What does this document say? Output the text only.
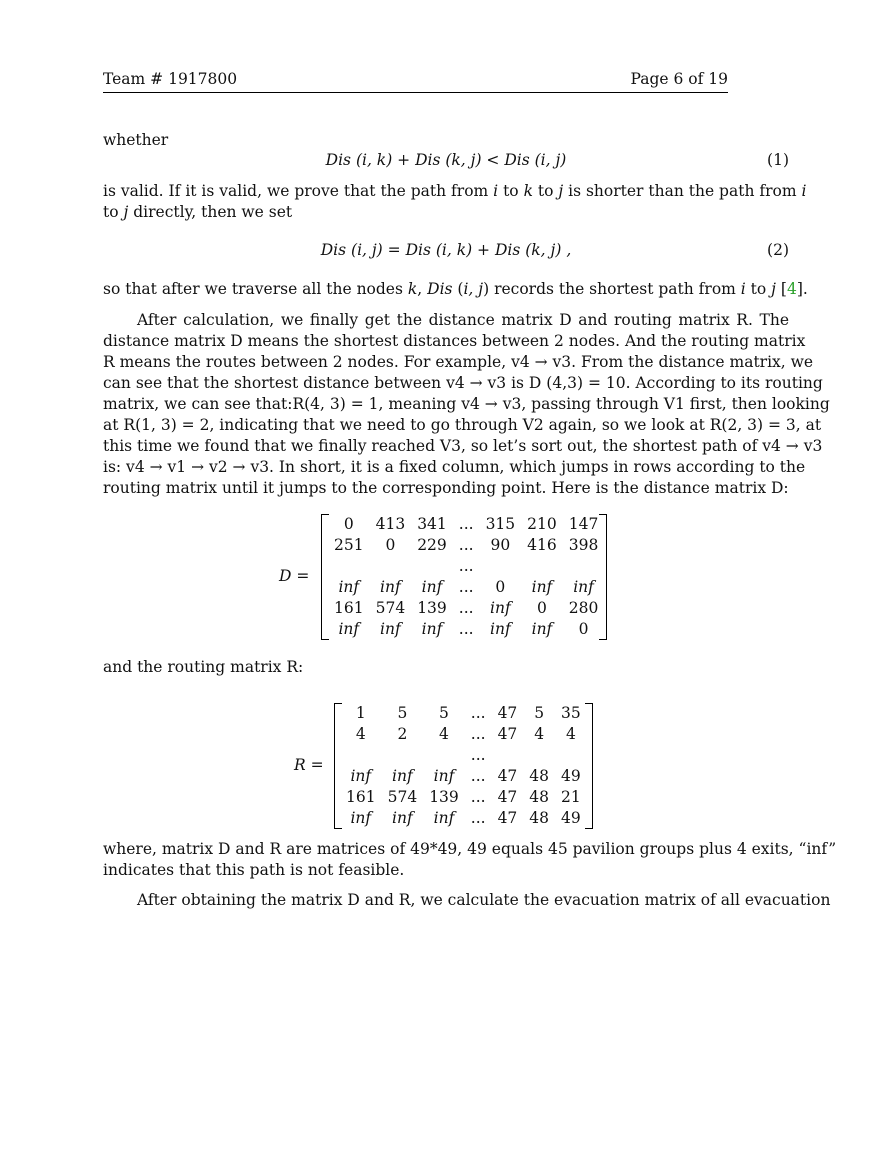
Team # 1917800	Page 6 of 19
whether
Dis (i, k) + Dis (k, j) < Dis (i, j)	(1)
is valid. If it is valid, we prove that the path from i to k to j is shorter than the path from i
to j directly, then we set
Dis (i, j) = Dis (i, k) + Dis (k, j) ,	(2)
so that after we traverse all the nodes k, Dis (i, j) records the shortest path from i to j [4].
After calculation, we finally get the distance matrix D and routing matrix R. The
distance matrix D means the shortest distances between 2 nodes. And the routing matrix
R means the routes between 2 nodes. For example, v4 → v3. From the distance matrix, we
can see that the shortest distance between v4 → v3 is D (4,3) = 10. According to its routing
matrix, we can see that:R(4, 3) = 1, meaning v4 → v3, passing through V1 first, then looking
at R(1, 3) = 2, indicating that we need to go through V2 again, so we look at R(2, 3) = 3, at
this time we found that we finally reached V3, so let’s sort out, the shortest path of v4 → v3
is: v4 → v1 → v2 → v3. In short, it is a fixed column, which jumps in rows according to the
routing matrix until it jumps to the corresponding point. Here is the distance matrix D:
D =
0	413	341	...	315	210	147
251	0	229	...	90	416	398
			...			
inf	inf	inf	...	0	inf	inf
161	574	139	...	inf	0	280
inf	inf	inf	...	inf	inf	0
and the routing matrix R:
R =
1	5	5	...	47	5	35
4	2	4	...	47	4	4
			...			
inf	inf	inf	...	47	48	49
161	574	139	...	47	48	21
inf	inf	inf	...	47	48	49
where, matrix D and R are matrices of 49*49, 49 equals 45 pavilion groups plus 4 exits, “inf”
indicates that this path is not feasible.
After obtaining the matrix D and R, we calculate the evacuation matrix of all evacuation
